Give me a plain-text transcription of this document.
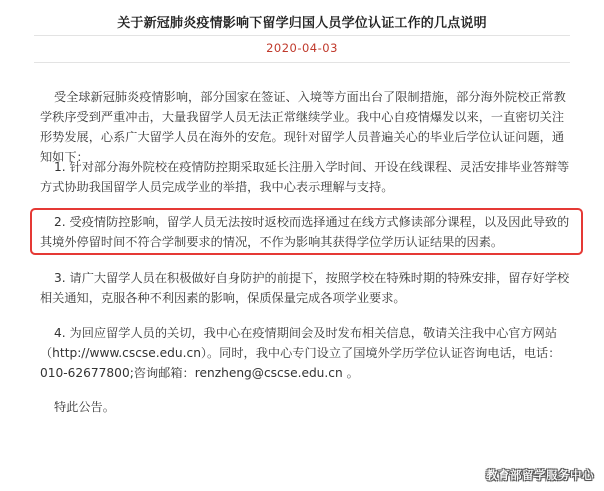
关于新冠肺炎疫情影响下留学归国人员学位认证工作的几点说明
2020-04-03

受全球新冠肺炎疫情影响，部分国家在签证、入境等方面出台了限制措施，部分海外院校正常教学秩序受到严重冲击，大量我留学人员无法正常继续学业。我中心自疫情爆发以来，一直密切关注形势发展，心系广大留学人员在海外的安危。现针对留学人员普遍关心的毕业后学位认证问题，通知如下：

1. 针对部分海外院校在疫情防控期采取延长注册入学时间、开设在线课程、灵活安排毕业答辩等方式协助我国留学人员完成学业的举措，我中心表示理解与支持。

2. 受疫情防控影响，留学人员无法按时返校而选择通过在线方式修读部分课程，以及因此导致的其境外停留时间不符合学制要求的情况，不作为影响其获得学位学历认证结果的因素。

3. 请广大留学人员在积极做好自身防护的前提下，按照学校在特殊时期的特殊安排，留存好学校相关通知，克服各种不利因素的影响，保质保量完成各项学业要求。

4. 为回应留学人员的关切，我中心在疫情期间会及时发布相关信息，敬请关注我中心官方网站（http://www.cscse.edu.cn）。同时，我中心专门设立了国境外学历学位认证咨询电话，电话：010-62677800;咨询邮箱：renzheng@cscse.edu.cn 。

特此公告。

教育部留学服务中心
